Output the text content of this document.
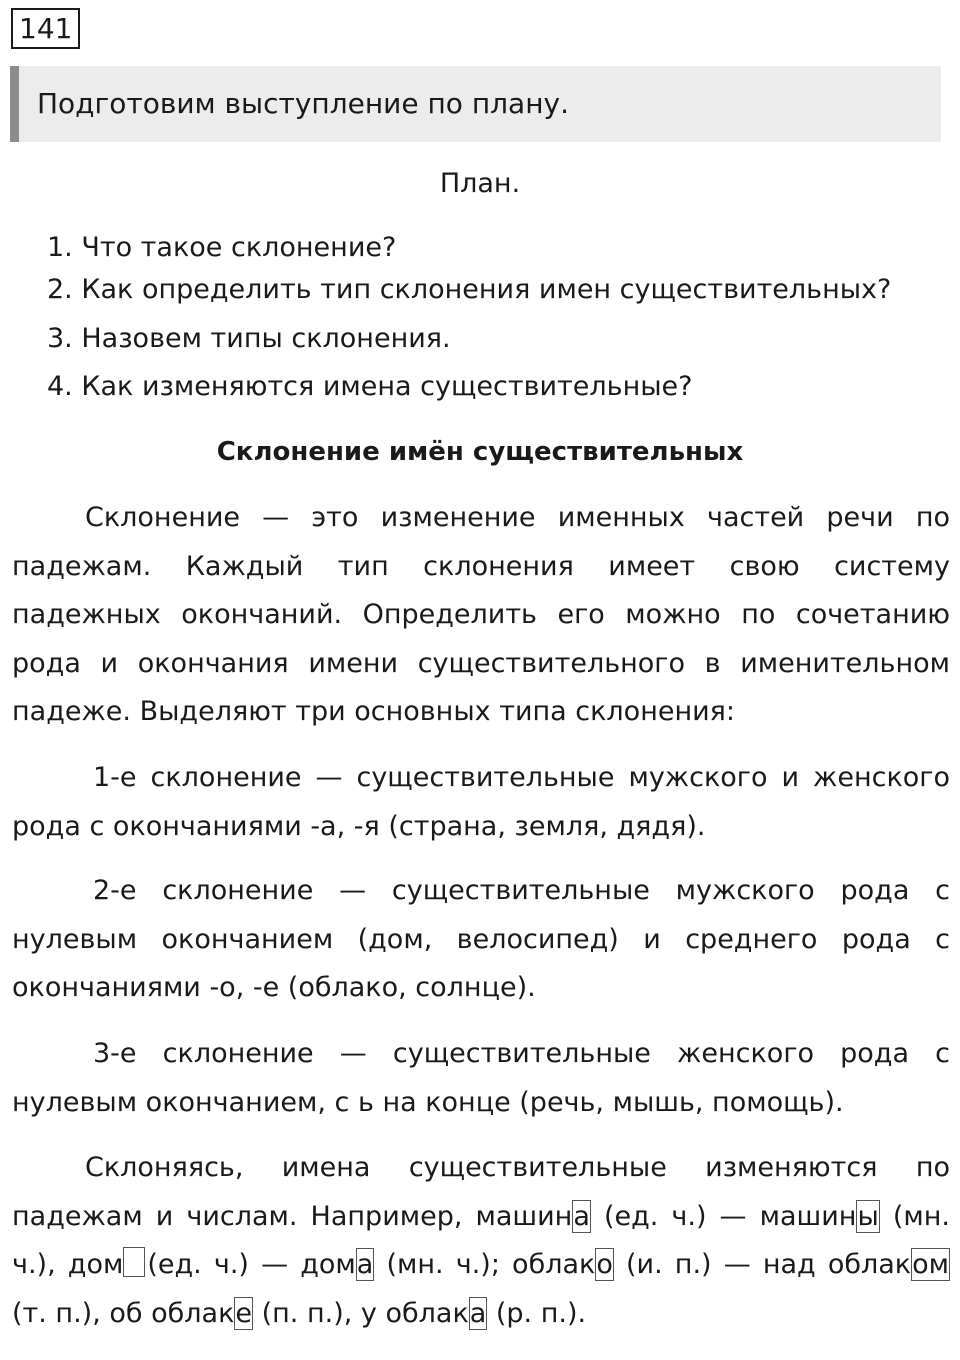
141
Подготовим выступление по плану.
План.
1. Что такое склонение?
2. Как определить тип склонения имен существительных?
3. Назовем типы склонения.
4. Как изменяются имена существительные?
Склонение имён существительных

Склонение — это изменение именных частей речи по падежам. Каждый тип склонения имеет свою систему падежных окончаний. Определить его можно по сочетанию рода и окончания имени существительного в именительном падеже. Выделяют три основных типа склонения:

1-е склонение — существительные мужского и женского рода с окончаниями -а, -я (страна, земля, дядя).

2-е склонение — существительные мужского рода с нулевым окончанием (дом, велосипед) и среднего рода с окончаниями -о, -е (облако, солнце).

3-е склонение — существительные женского рода с нулевым окончанием, с ь на конце (речь, мышь, помощь).

Склоняясь, имена существительные изменяются по падежам и числам. Например, машина (ед. ч.) — машины (мн. ч.), дом (ед. ч.) — дома (мн. ч.); облако (и. п.) — над облаком (т. п.), об облаке (п. п.), у облака (р. п.).
